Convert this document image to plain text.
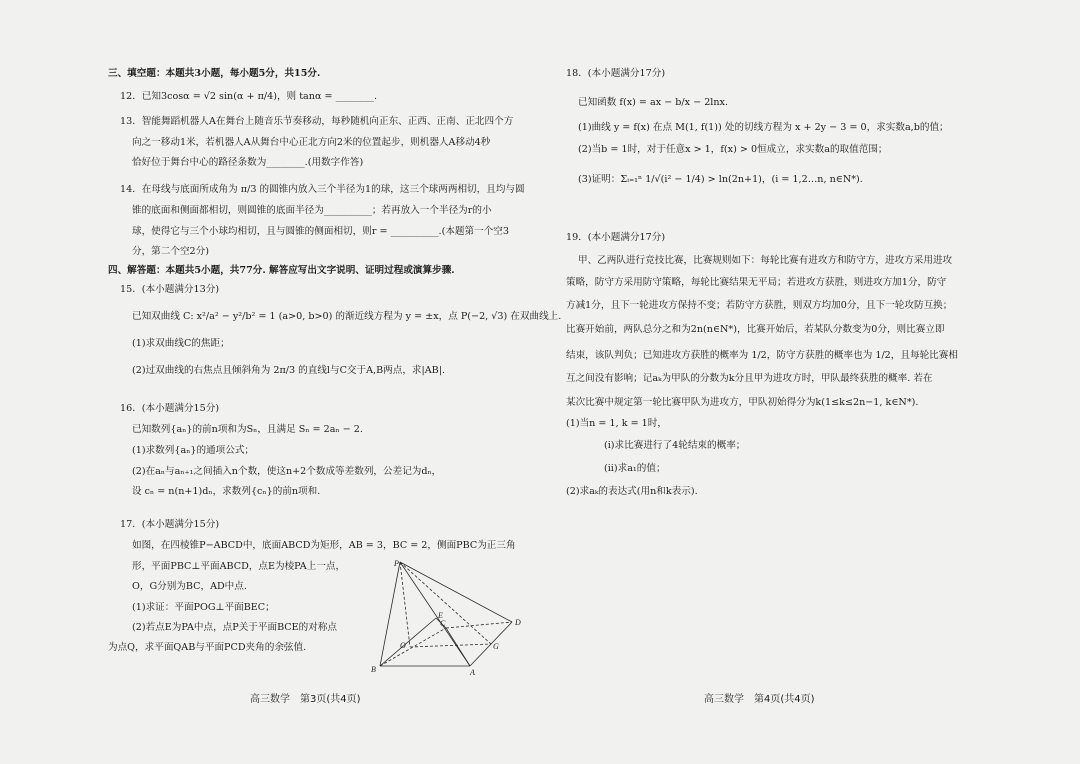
三、填空题：本题共3小题，每小题5分，共15分.
12．已知3cosα = √2 sin(α + π/4)，则 tanα = ________.
13．智能舞蹈机器人A在舞台上随音乐节奏移动，每秒随机向正东、正西、正南、正北四个方
向之一移动1米，若机器人A从舞台中心正北方向2米的位置起步，则机器人A移动4秒
恰好位于舞台中心的路径条数为________.(用数字作答)
14．在母线与底面所成角为 π/3 的圆锥内放入三个半径为1的球，这三个球两两相切，且均与圆
锥的底面和侧面都相切，则圆锥的底面半径为__________；若再放入一个半径为r的小
球，使得它与三个小球均相切，且与圆锥的侧面相切，则r = __________.(本题第一个空3
分，第二个空2分)
四、解答题：本题共5小题，共77分. 解答应写出文字说明、证明过程或演算步骤.
15．(本小题满分13分)
已知双曲线 C: x²/a² − y²/b² = 1 (a>0, b>0) 的渐近线方程为 y = ±x，点 P(−2, √3) 在双曲线上.
(1)求双曲线C的焦距；
(2)过双曲线的右焦点且倾斜角为 2π/3 的直线l与C交于A,B两点，求|AB|.
16．(本小题满分15分)
已知数列{aₙ}的前n项和为Sₙ，且满足 Sₙ = 2aₙ − 2.
(1)求数列{aₙ}的通项公式；
(2)在aₙ与aₙ₊₁之间插入n个数，使这n+2个数成等差数列，公差记为dₙ，
设 cₙ = n(n+1)dₙ，求数列{cₙ}的前n项和.
17．(本小题满分15分)
如图，在四棱锥P−ABCD中，底面ABCD为矩形，AB = 3，BC = 2，侧面PBC为正三角
形，平面PBC⊥平面ABCD，点E为棱PA上一点，
O，G分别为BC，AD中点.
(1)求证：平面POG⊥平面BEC；
(2)若点E为PA中点，点P关于平面BCE的对称点
为点Q，求平面QAB与平面PCD夹角的余弦值.
P
E
D
C
O	G
B	A
18．(本小题满分17分)
已知函数 f(x) = ax − b/x − 2lnx.
(1)曲线 y = f(x) 在点 M(1, f(1)) 处的切线方程为 x + 2y − 3 = 0，求实数a,b的值；
(2)当b = 1时，对于任意x > 1，f(x) > 0恒成立，求实数a的取值范围；
(3)证明：Σᵢ₌₁ⁿ 1/√(i² − 1/4) > ln(2n+1)，(i = 1,2…n, n∈N*).
19．(本小题满分17分)
甲、乙两队进行竞技比赛，比赛规则如下：每轮比赛有进攻方和防守方，进攻方采用进攻
策略，防守方采用防守策略，每轮比赛结果无平局；若进攻方获胜，则进攻方加1分，防守
方减1分，且下一轮进攻方保持不变；若防守方获胜，则双方均加0分，且下一轮攻防互换；
比赛开始前，两队总分之和为2n(n∈N*)，比赛开始后，若某队分数变为0分，则比赛立即
结束，该队判负；已知进攻方获胜的概率为 1/2，防守方获胜的概率也为 1/2，且每轮比赛相
互之间没有影响；记aₖ为甲队的分数为k分且甲为进攻方时，甲队最终获胜的概率. 若在
某次比赛中规定第一轮比赛甲队为进攻方，甲队初始得分为k(1≤k≤2n−1, k∈N*).
(1)当n = 1, k = 1时，
(i)求比赛进行了4轮结束的概率；
(ii)求a₁的值；
(2)求aₖ的表达式(用n和k表示).
高三数学　第3页(共4页)	高三数学　第4页(共4页)
